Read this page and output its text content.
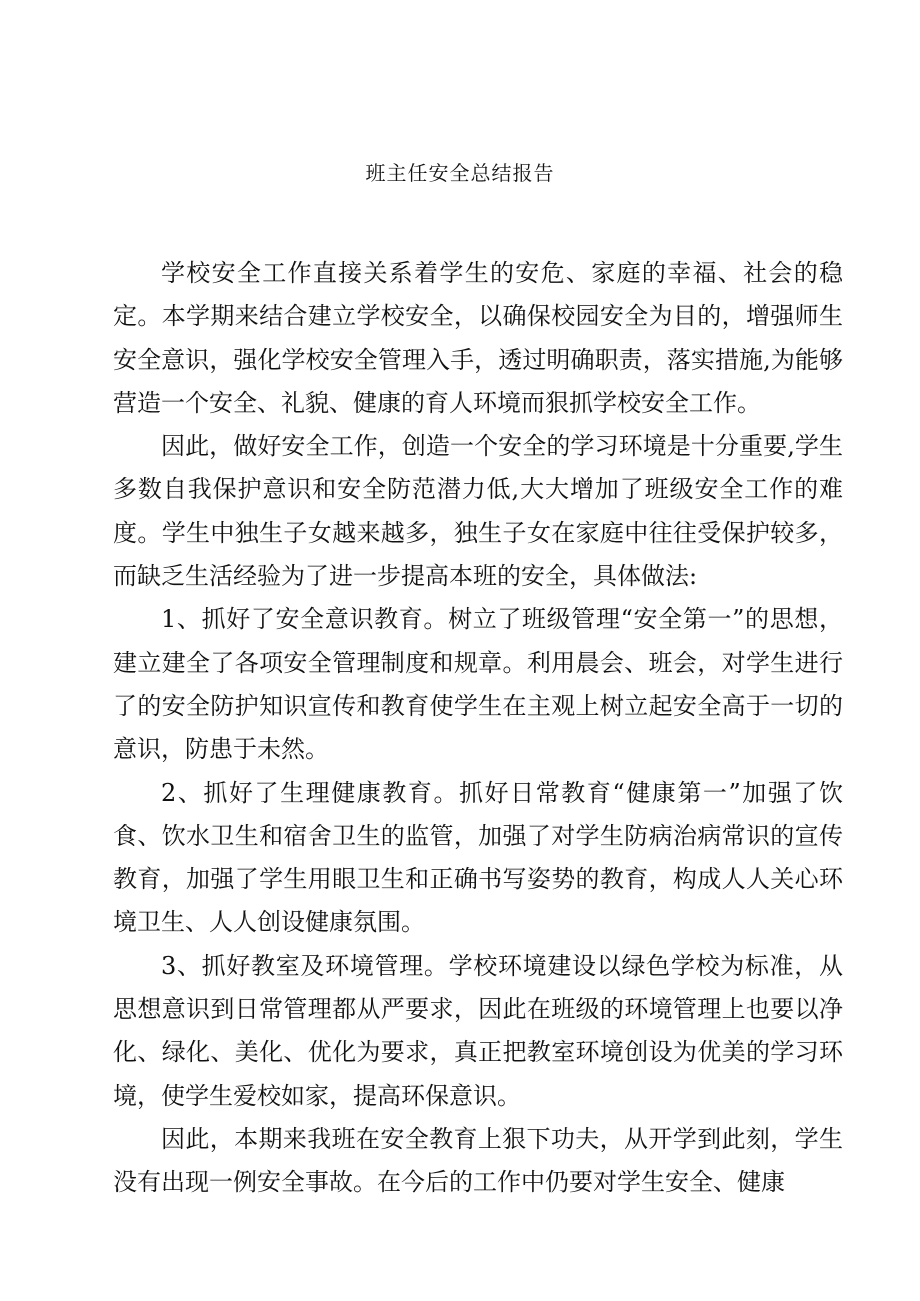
班主任安全总结报告

学校安全工作直接关系着学生的安危、家庭的幸福、社会的稳定。本学期来结合建立学校安全，以确保校园安全为目的，增强师生安全意识，强化学校安全管理入手，透过明确职责，落实措施,为能够营造一个安全、礼貌、健康的育人环境而狠抓学校安全工作。

因此，做好安全工作，创造一个安全的学习环境是十分重要,学生多数自我保护意识和安全防范潜力低,大大增加了班级安全工作的难度。学生中独生子女越来越多，独生子女在家庭中往往受保护较多，而缺乏生活经验为了进一步提高本班的安全，具体做法:

1、抓好了安全意识教育。树立了班级管理“安全第一”的思想，建立建全了各项安全管理制度和规章。利用晨会、班会，对学生进行了的安全防护知识宣传和教育使学生在主观上树立起安全高于一切的意识，防患于未然。

2、抓好了生理健康教育。抓好日常教育“健康第一”加强了饮食、饮水卫生和宿舍卫生的监管，加强了对学生防病治病常识的宣传教育，加强了学生用眼卫生和正确书写姿势的教育，构成人人关心环境卫生、人人创设健康氛围。

3、抓好教室及环境管理。学校环境建设以绿色学校为标准，从思想意识到日常管理都从严要求，因此在班级的环境管理上也要以净化、绿化、美化、优化为要求，真正把教室环境创设为优美的学习环境，使学生爱校如家，提高环保意识。

因此，本期来我班在安全教育上狠下功夫，从开学到此刻，学生没有出现一例安全事故。在今后的工作中仍要对学生安全、健康
